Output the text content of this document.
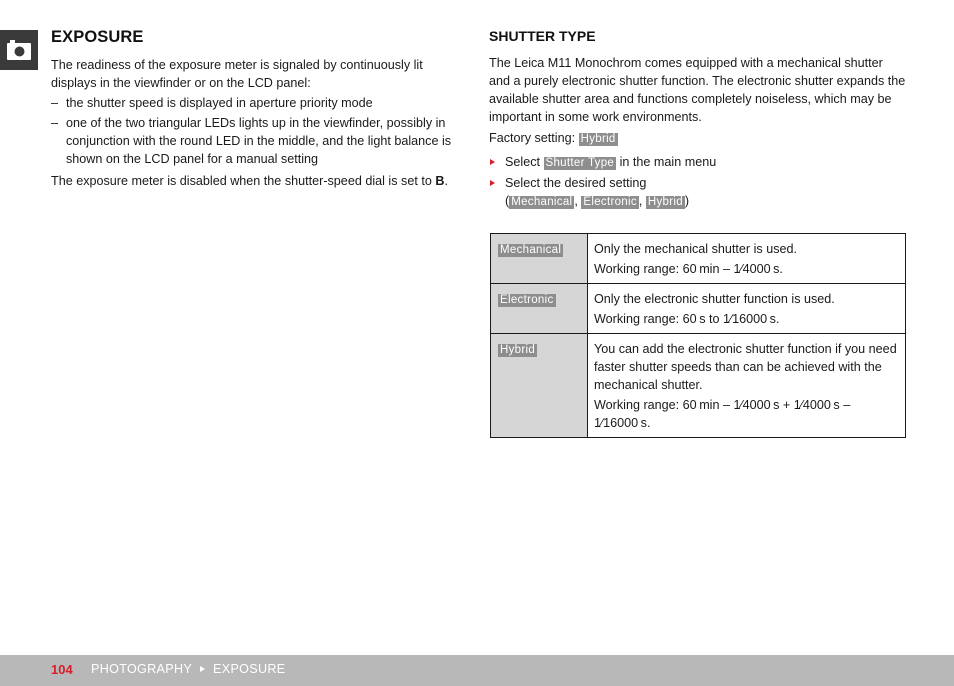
EXPOSURE

The readiness of the exposure meter is signaled by continuously lit displays in the viewfinder or on the LCD panel:

– the shutter speed is displayed in aperture priority mode
– one of the two triangular LEDs lights up in the viewfinder, possibly in conjunction with the round LED in the middle, and the light balance is shown on the LCD panel for a manual setting

The exposure meter is disabled when the shutter-speed dial is set to B.

SHUTTER TYPE

The Leica M11 Monochrom comes equipped with a mechanical shutter and a purely electronic shutter function. The electronic shutter expands the available shutter area and functions completely noiseless, which may be important in some work environments.

Factory setting: Hybrid

Select Shutter Type in the main menu
Select the desired setting
( Mechanical , Electronic , Hybrid )
Mechanical	Only the mechanical shutter is used.

Working range: 60 min – 1⁄4000 s.

Electronic	Only the electronic shutter function is used.

Working range: 60 s to 1⁄16000 s.

Hybrid	You can add the electronic shutter function if you need faster shutter speeds than can be achieved with the mechanical shutter.

Working range: 60 min – 1⁄4000 s + 1⁄4000 s – 1⁄16000 s.

104 PHOTOGRAPHY EXPOSURE
